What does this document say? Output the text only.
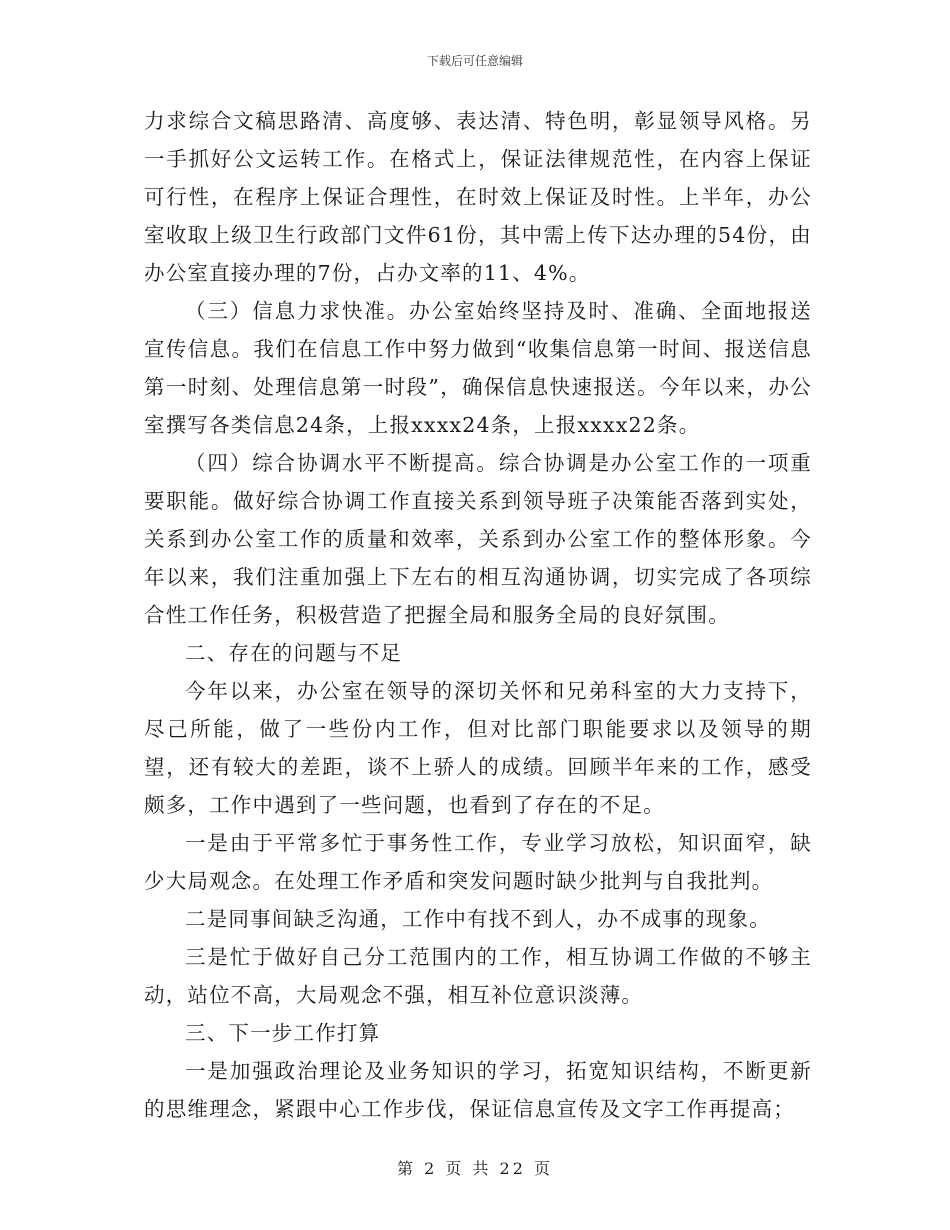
下载后可任意编辑

力求综合文稿思路清、高度够、表达清、特色明，彰显领导风格。另一手抓好公文运转工作。在格式上，保证法律规范性，在内容上保证可行性，在程序上保证合理性，在时效上保证及时性。上半年，办公室收取上级卫生行政部门文件61份，其中需上传下达办理的54份，由办公室直接办理的7份，占办文率的11、4%。

（三）信息力求快准。办公室始终坚持及时、准确、全面地报送宣传信息。我们在信息工作中努力做到“收集信息第一时间、报送信息第一时刻、处理信息第一时段”，确保信息快速报送。今年以来，办公室撰写各类信息24条，上报xxxx24条，上报xxxx22条。

（四）综合协调水平不断提高。综合协调是办公室工作的一项重要职能。做好综合协调工作直接关系到领导班子决策能否落到实处，关系到办公室工作的质量和效率，关系到办公室工作的整体形象。今年以来，我们注重加强上下左右的相互沟通协调，切实完成了各项综合性工作任务，积极营造了把握全局和服务全局的良好氛围。

二、存在的问题与不足

今年以来，办公室在领导的深切关怀和兄弟科室的大力支持下，尽己所能，做了一些份内工作，但对比部门职能要求以及领导的期望，还有较大的差距，谈不上骄人的成绩。回顾半年来的工作，感受颇多，工作中遇到了一些问题，也看到了存在的不足。

一是由于平常多忙于事务性工作，专业学习放松，知识面窄，缺少大局观念。在处理工作矛盾和突发问题时缺少批判与自我批判。

二是同事间缺乏沟通，工作中有找不到人，办不成事的现象。

三是忙于做好自己分工范围内的工作，相互协调工作做的不够主动，站位不高，大局观念不强，相互补位意识淡薄。

三、下一步工作打算

一是加强政治理论及业务知识的学习，拓宽知识结构，不断更新的思维理念，紧跟中心工作步伐，保证信息宣传及文字工作再提高；

第 2 页 共 22 页
